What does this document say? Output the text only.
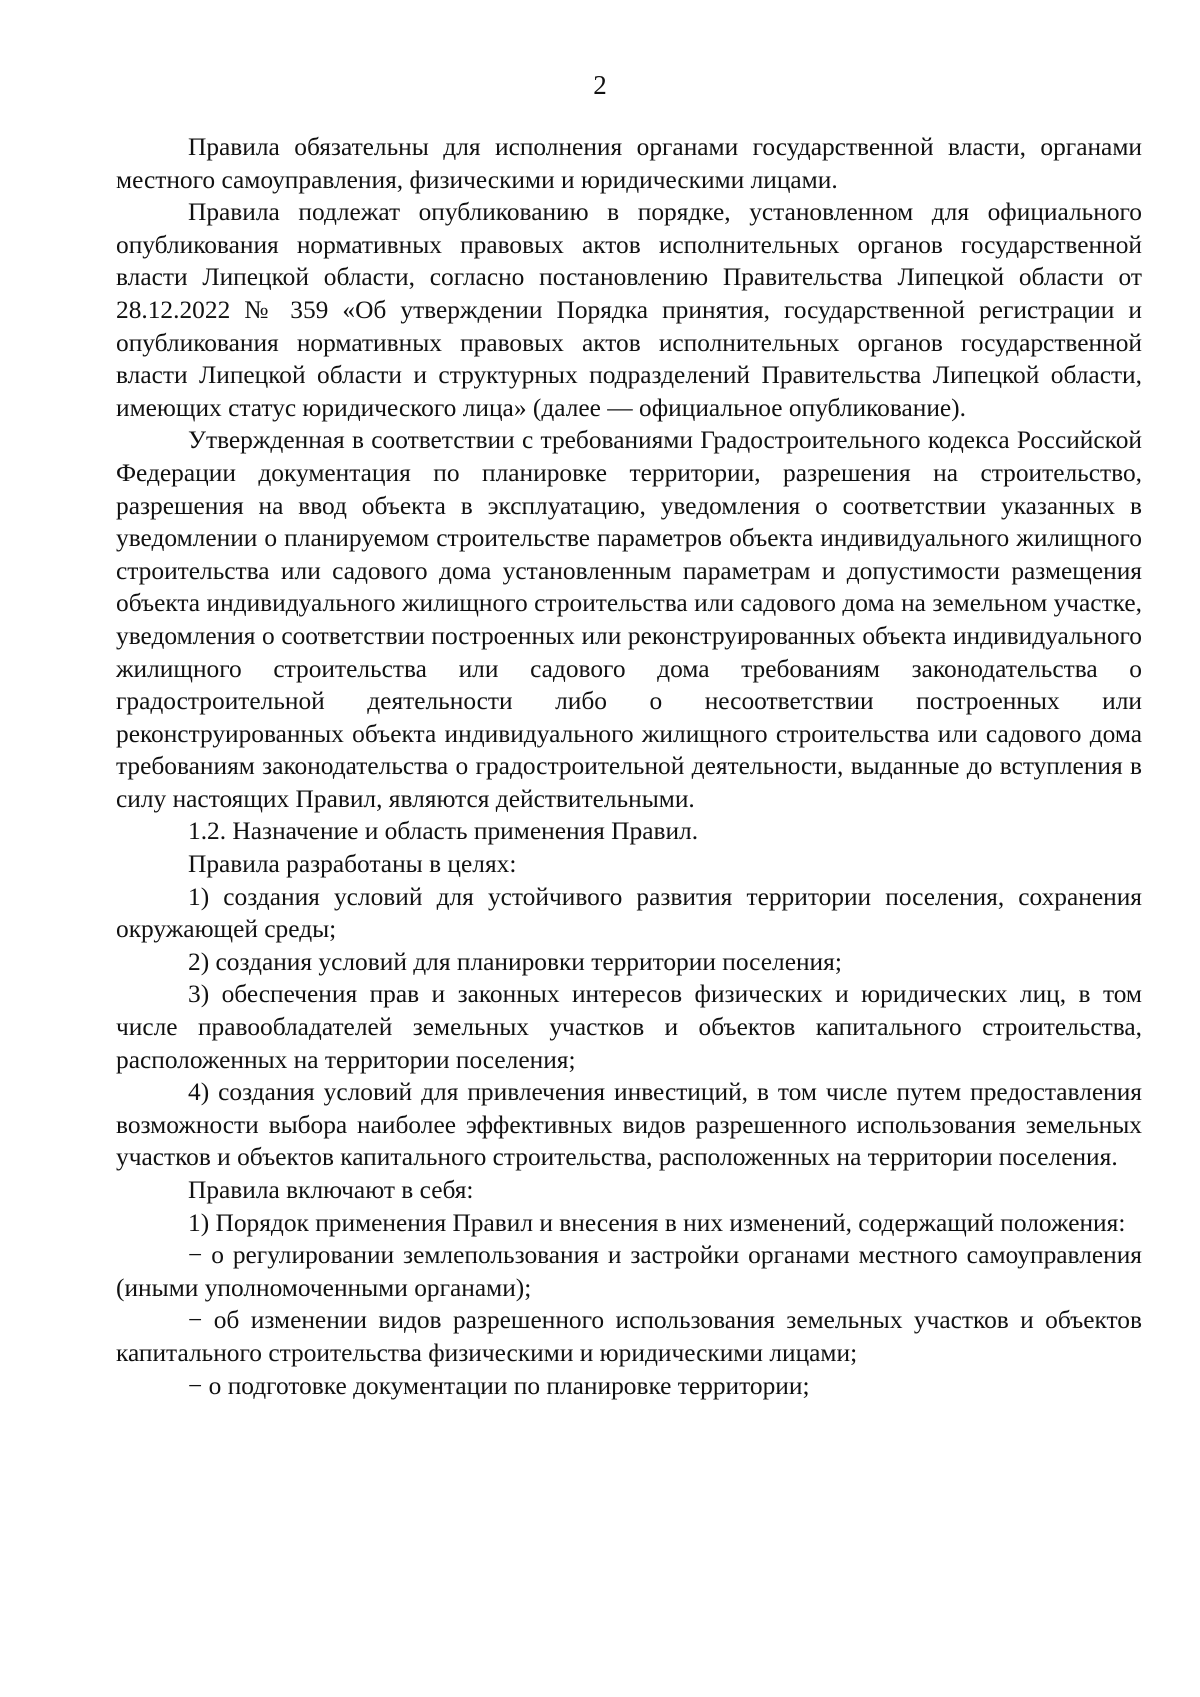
2

Правила обязательны для исполнения органами государственной власти, органами местного самоуправления, физическими и юридическими лицами.

Правила подлежат опубликованию в порядке, установленном для официального опубликования нормативных правовых актов исполнительных органов государственной власти Липецкой области, согласно постановлению Правительства Липецкой области от 28.12.2022 № 359 «Об утверждении Порядка принятия, государственной регистрации и опубликования нормативных правовых актов исполнительных органов государственной власти Липецкой области и структурных подразделений Правительства Липецкой области, имеющих статус юридического лица» (далее — официальное опубликование).

Утвержденная в соответствии с требованиями Градостроительного кодекса Российской Федерации документация по планировке территории, разрешения на строительство, разрешения на ввод объекта в эксплуатацию, уведомления о соответствии указанных в уведомлении о планируемом строительстве параметров объекта индивидуального жилищного строительства или садового дома установленным параметрам и допустимости размещения объекта индивидуального жилищного строительства или садового дома на земельном участке, уведомления о соответствии построенных или реконструированных объекта индивидуального жилищного строительства или садового дома требованиям законодательства о градостроительной деятельности либо о несоответствии построенных или реконструированных объекта индивидуального жилищного строительства или садового дома требованиям законодательства о градостроительной деятельности, выданные до вступления в силу настоящих Правил, являются действительными.

1.2. Назначение и область применения Правил.

Правила разработаны в целях:

1) создания условий для устойчивого развития территории поселения, сохранения окружающей среды;

2) создания условий для планировки территории поселения;

3) обеспечения прав и законных интересов физических и юридических лиц, в том числе правообладателей земельных участков и объектов капитального строительства, расположенных на территории поселения;

4) создания условий для привлечения инвестиций, в том числе путем предоставления возможности выбора наиболее эффективных видов разрешенного использования земельных участков и объектов капитального строительства, расположенных на территории поселения.

Правила включают в себя:

1) Порядок применения Правил и внесения в них изменений, содержащий положения:

− о регулировании землепользования и застройки органами местного самоуправления (иными уполномоченными органами);

− об изменении видов разрешенного использования земельных участков и объектов капитального строительства физическими и юридическими лицами;

− о подготовке документации по планировке территории;
